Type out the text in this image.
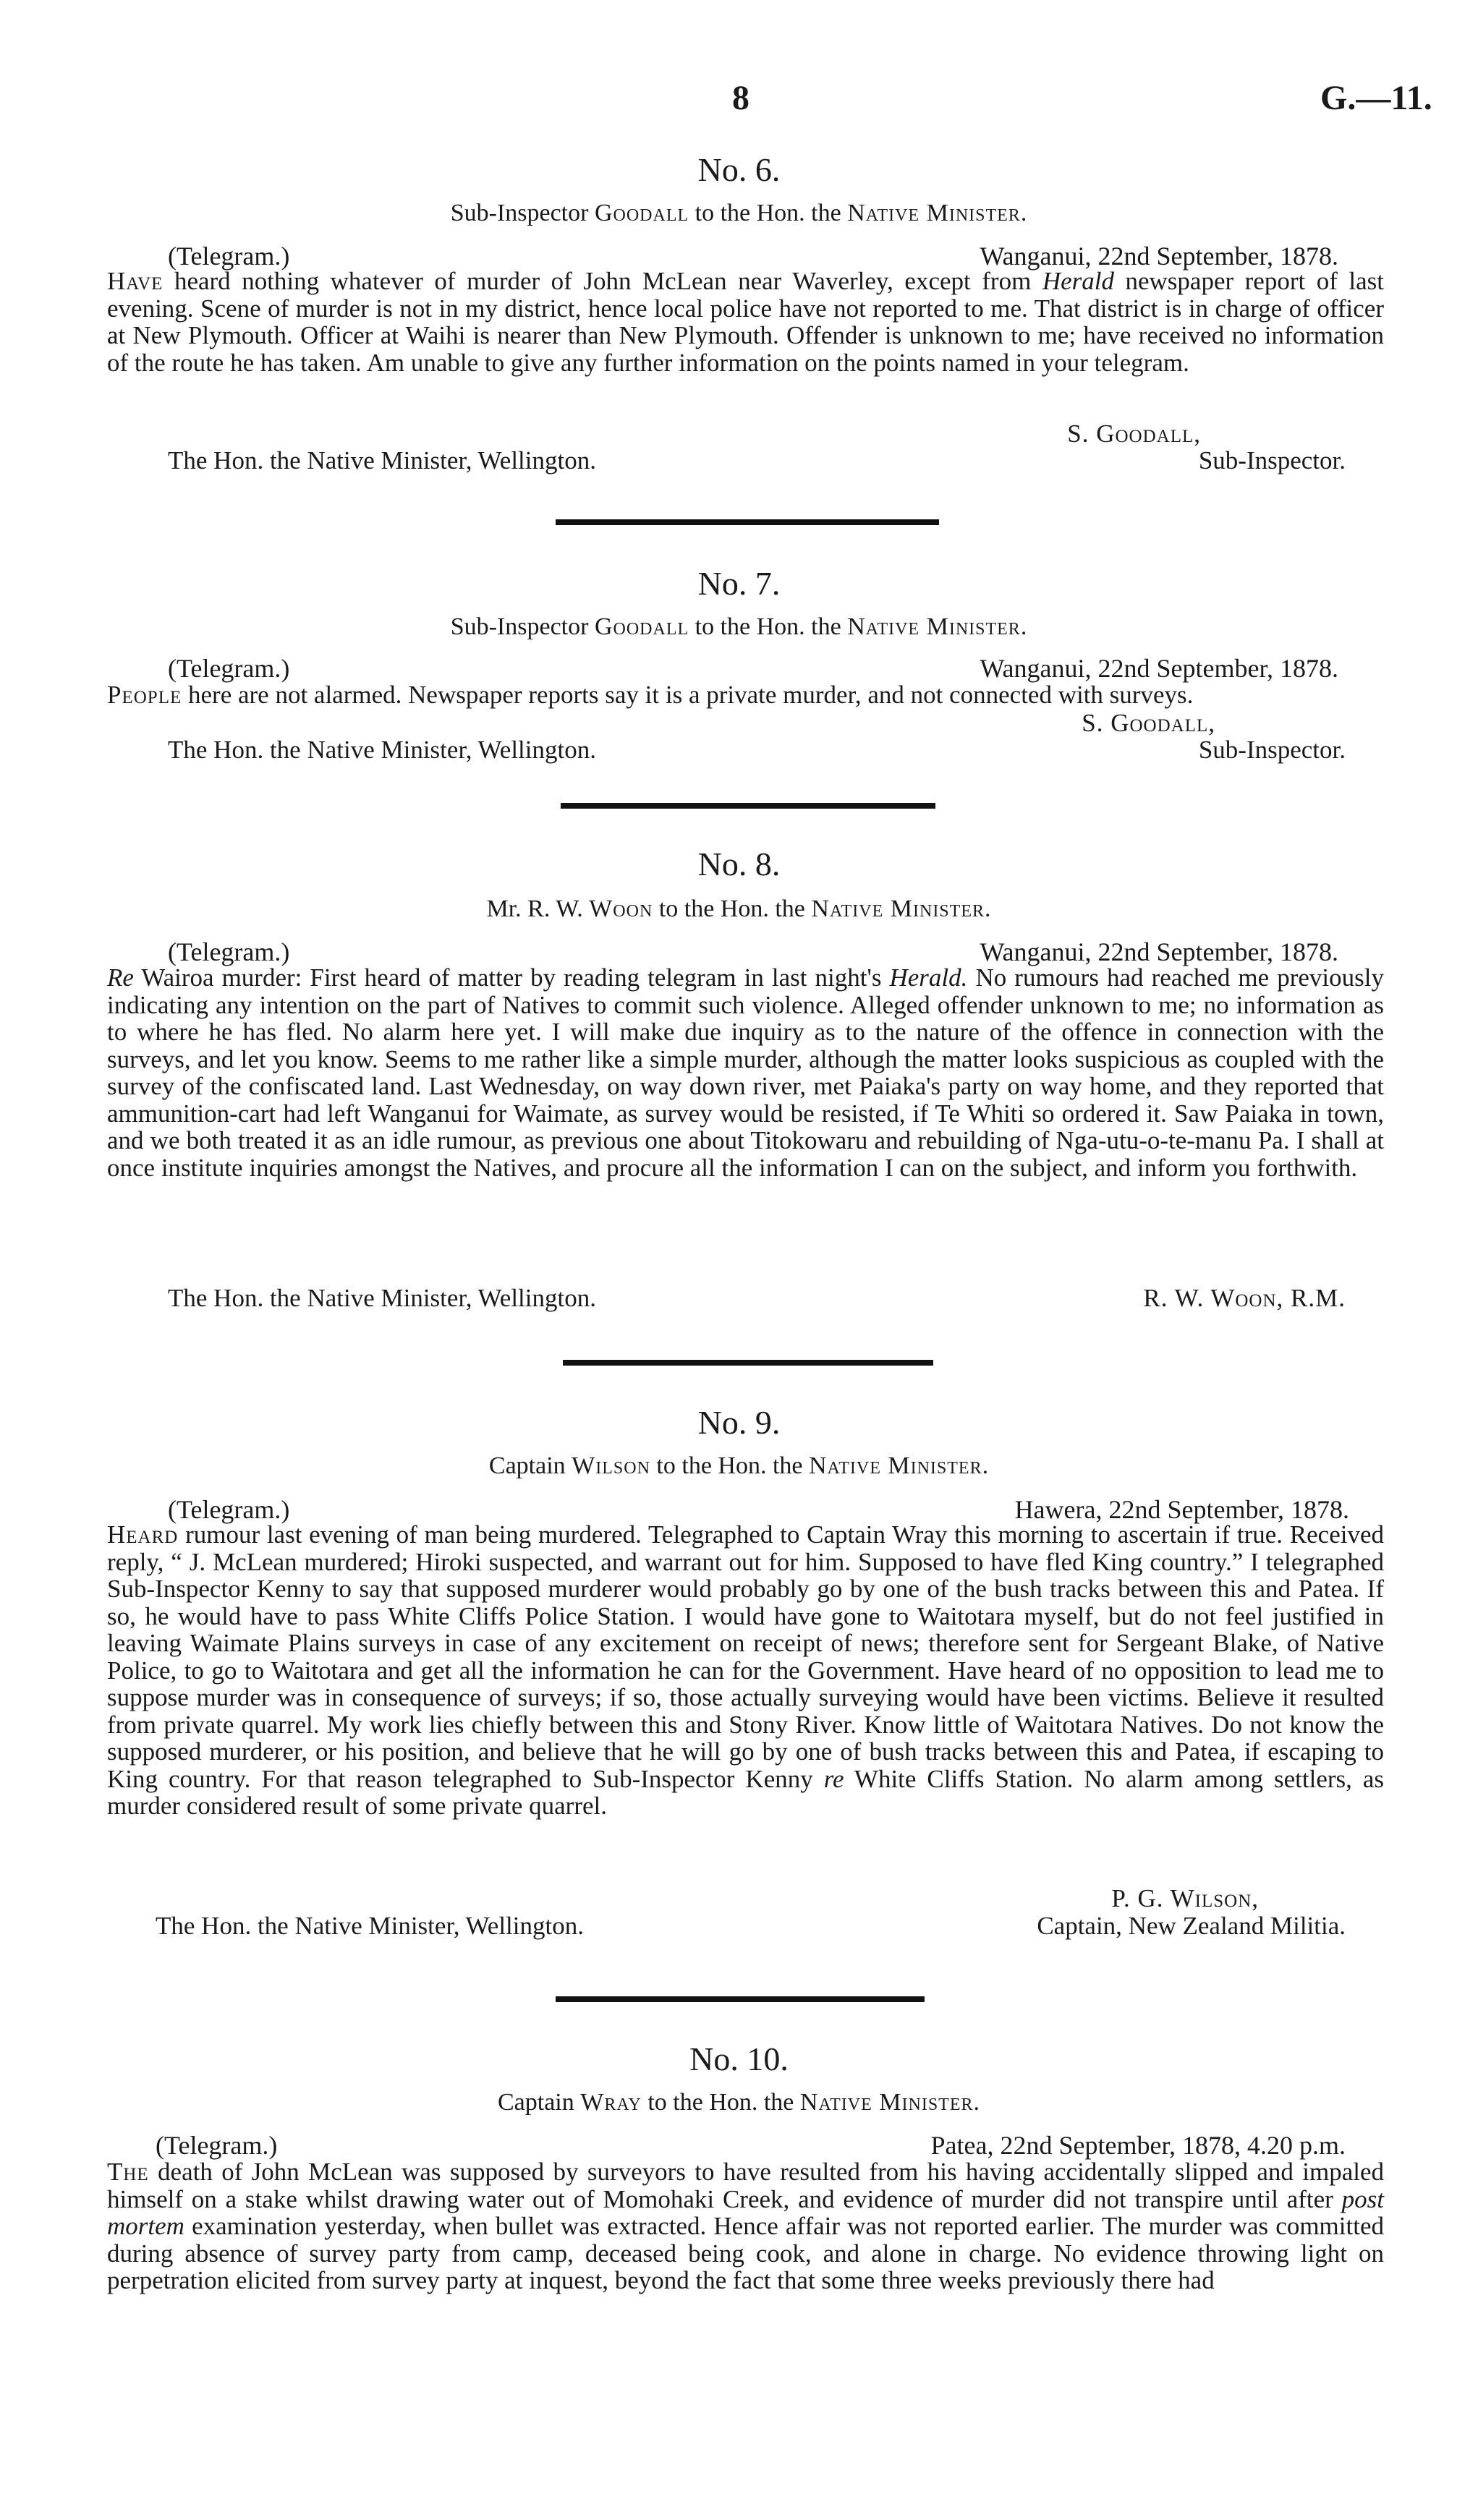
8	G.—11.
No. 6.
Sub-Inspector Goodall to the Hon. the Native Minister.
(Telegram.)	Wanganui, 22nd September, 1878.
Have heard nothing whatever of murder of John McLean near Waverley, except from Herald newspaper report of last evening. Scene of murder is not in my district, hence local police have not reported to me. That district is in charge of officer at New Plymouth. Officer at Waihi is nearer than New Plymouth. Offender is unknown to me; have received no information of the route he has taken. Am unable to give any further information on the points named in your telegram.
S. Goodall,
The Hon. the Native Minister, Wellington.	Sub-Inspector.
No. 7.
Sub-Inspector Goodall to the Hon. the Native Minister.
(Telegram.)	Wanganui, 22nd September, 1878.
People here are not alarmed. Newspaper reports say it is a private murder, and not connected with surveys.
S. Goodall,
The Hon. the Native Minister, Wellington.	Sub-Inspector.
No. 8.
Mr. R. W. Woon to the Hon. the Native Minister.
(Telegram.)	Wanganui, 22nd September, 1878.
Re Wairoa murder: First heard of matter by reading telegram in last night's Herald. No rumours had reached me previously indicating any intention on the part of Natives to commit such violence. Alleged offender unknown to me; no information as to where he has fled. No alarm here yet. I will make due inquiry as to the nature of the offence in connection with the surveys, and let you know. Seems to me rather like a simple murder, although the matter looks suspicious as coupled with the survey of the confiscated land. Last Wednesday, on way down river, met Paiaka's party on way home, and they reported that ammunition-cart had left Wanganui for Waimate, as survey would be resisted, if Te Whiti so ordered it. Saw Paiaka in town, and we both treated it as an idle rumour, as previous one about Titokowaru and rebuilding of Nga-utu-o-te-manu Pa. I shall at once institute inquiries amongst the Natives, and procure all the information I can on the subject, and inform you forthwith.
The Hon. the Native Minister, Wellington.	R. W. Woon, R.M.
No. 9.
Captain Wilson to the Hon. the Native Minister.
(Telegram.)	Hawera, 22nd September, 1878.
Heard rumour last evening of man being murdered. Telegraphed to Captain Wray this morning to ascertain if true. Received reply, “ J. McLean murdered; Hiroki suspected, and warrant out for him. Supposed to have fled King country.” I telegraphed Sub-Inspector Kenny to say that supposed murderer would probably go by one of the bush tracks between this and Patea. If so, he would have to pass White Cliffs Police Station. I would have gone to Waitotara myself, but do not feel justified in leaving Waimate Plains surveys in case of any excitement on receipt of news; therefore sent for Sergeant Blake, of Native Police, to go to Waitotara and get all the information he can for the Government. Have heard of no opposition to lead me to suppose murder was in consequence of surveys; if so, those actually surveying would have been victims. Believe it resulted from private quarrel. My work lies chiefly between this and Stony River. Know little of Waitotara Natives. Do not know the supposed murderer, or his position, and believe that he will go by one of bush tracks between this and Patea, if escaping to King country. For that reason telegraphed to Sub-Inspector Kenny re White Cliffs Station. No alarm among settlers, as murder considered result of some private quarrel.
P. G. Wilson,
The Hon. the Native Minister, Wellington.	Captain, New Zealand Militia.
No. 10.
Captain Wray to the Hon. the Native Minister.
(Telegram.)	Patea, 22nd September, 1878, 4.20 p.m.
The death of John McLean was supposed by surveyors to have resulted from his having accidentally slipped and impaled himself on a stake whilst drawing water out of Momohaki Creek, and evidence of murder did not transpire until after post mortem examination yesterday, when bullet was extracted. Hence affair was not reported earlier. The murder was committed during absence of survey party from camp, deceased being cook, and alone in charge. No evidence throwing light on perpetration elicited from survey party at inquest, beyond the fact that some three weeks previously there had
